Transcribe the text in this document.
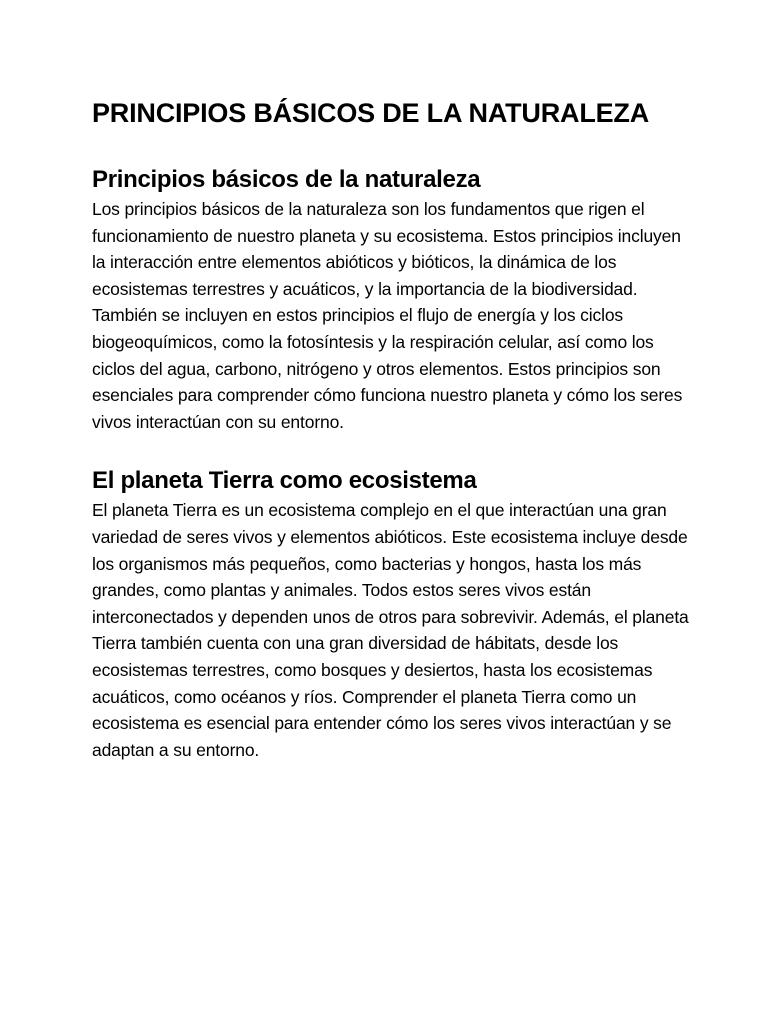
PRINCIPIOS BÁSICOS DE LA NATURALEZA
Principios básicos de la naturaleza

Los principios básicos de la naturaleza son los fundamentos que rigen el funcionamiento de nuestro planeta y su ecosistema. Estos principios incluyen la interacción entre elementos abióticos y bióticos, la dinámica de los ecosistemas terrestres y acuáticos, y la importancia de la biodiversidad. También se incluyen en estos principios el flujo de energía y los ciclos biogeoquímicos, como la fotosíntesis y la respiración celular, así como los ciclos del agua, carbono, nitrógeno y otros elementos. Estos principios son esenciales para comprender cómo funciona nuestro planeta y cómo los seres vivos interactúan con su entorno.

El planeta Tierra como ecosistema

El planeta Tierra es un ecosistema complejo en el que interactúan una gran variedad de seres vivos y elementos abióticos. Este ecosistema incluye desde los organismos más pequeños, como bacterias y hongos, hasta los más grandes, como plantas y animales. Todos estos seres vivos están interconectados y dependen unos de otros para sobrevivir. Además, el planeta Tierra también cuenta con una gran diversidad de hábitats, desde los ecosistemas terrestres, como bosques y desiertos, hasta los ecosistemas acuáticos, como océanos y ríos. Comprender el planeta Tierra como un ecosistema es esencial para entender cómo los seres vivos interactúan y se adaptan a su entorno.
